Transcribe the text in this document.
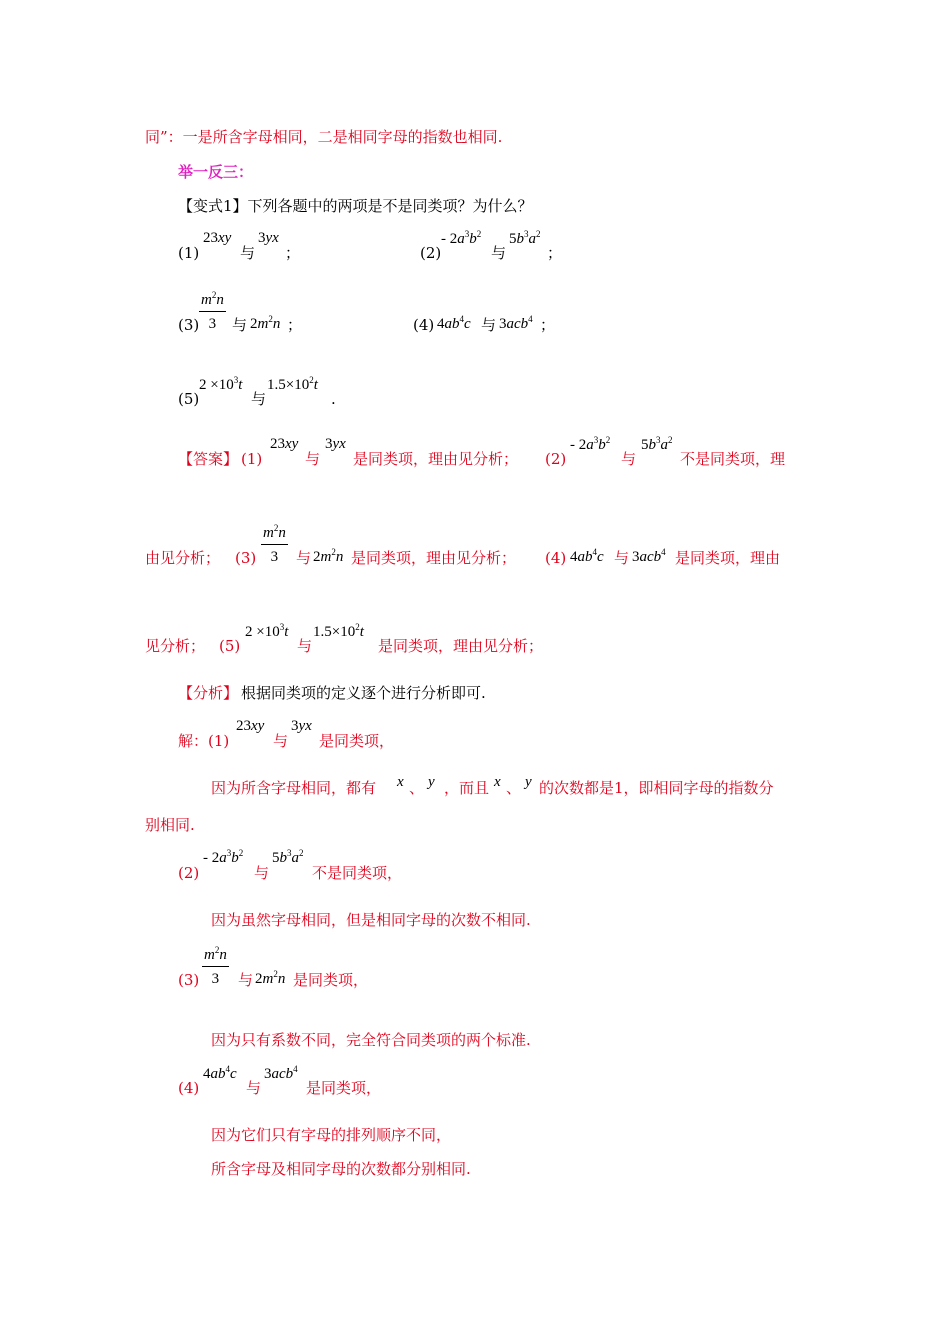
同”：一是所含字母相同，二是相同字母的指数也相同.
举一反三：
【变式1】下列各题中的两项是不是同类项？为什么？
(1)
23xy
与
3yx
；	(2)
- $2a^3b^2$
与
$5b^3a^2$
；
$(3) \frac{m^2n}{3}$ 与 $2m^2n$ ；	(4) $4ab^4c$ 与 3acb$^4$ ；
(5)
$2 \times 10^3t$
与
$1.5\times 10^2t$
.
【答案】 (1)
23xy
与
3yx
是同类项，理由见分析； (2)
- $2a^3b^2$
与
$5b^3a^2$
不是同类项，理
由见分析； $(3) \frac{m^2n}{3}$ 与 $2m^2n$ 是同类项，理由见分析； (4) $4ab^4c$ 与 3acb$^4$ 是同类项，理由
见分析； (5)
$2 \times 10^3t$
与
$1.5\times 10^2t$
是同类项，理由见分析；
【分析】 根据同类项的定义逐个进行分析即可.
解：(1)
23xy
与
3yx
是同类项，
因为所含字母相同，都有 x 、 y ，而且 x 、 y 的次数都是1，即相同字母的指数分
别相同.
(2)
- $2a^3b^2$
与
$5b^3a^2$
不是同类项，
因为虽然字母相同，但是相同字母的次数不相同.
$(3) \frac{m^2n}{3}$ 与 $2m^2n$ 是同类项，
因为只有系数不同，完全符合同类项的两个标准.
(4)
$4ab^4c$
与
3acb$^4$
是同类项，
因为它们只有字母的排列顺序不同，
所含字母及相同字母的次数都分别相同.
